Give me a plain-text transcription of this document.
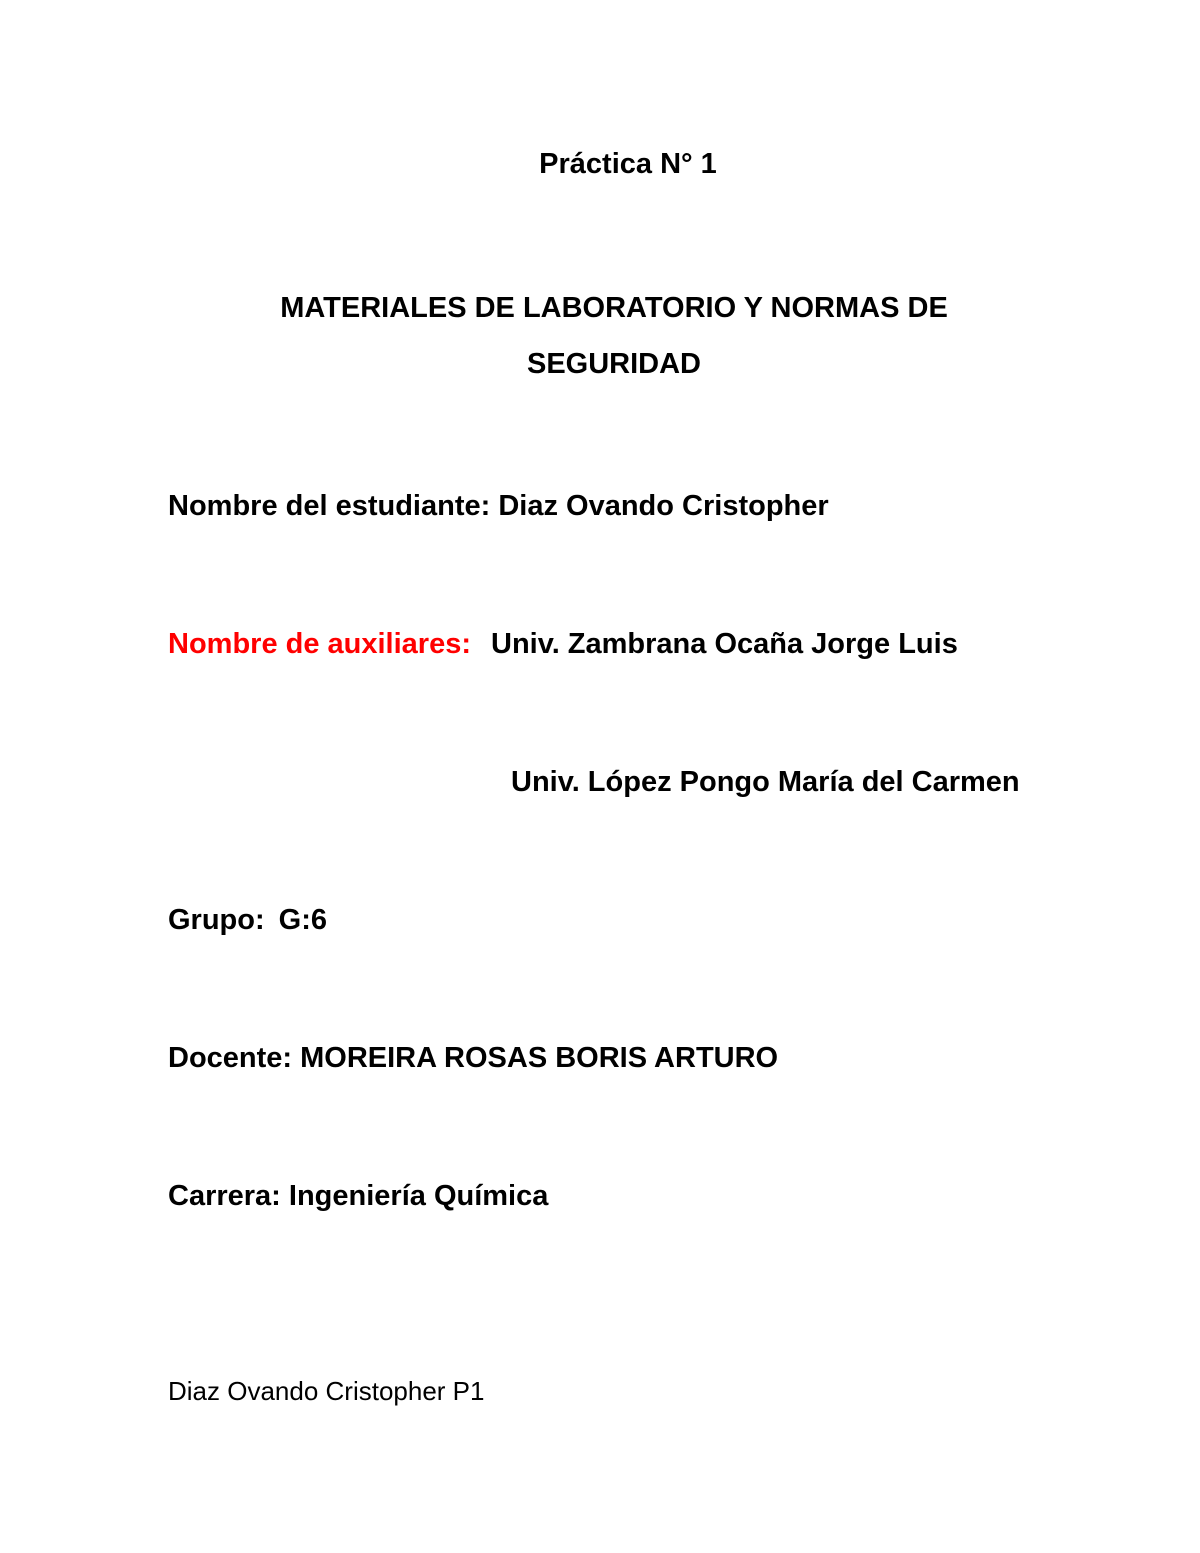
Práctica N° 1
MATERIALES DE LABORATORIO Y NORMAS DE
SEGURIDAD
Nombre del estudiante: Diaz Ovando Cristopher
Nombre de auxiliares: Univ. Zambrana Ocaña Jorge Luis
Univ. López Pongo María del Carmen
Grupo: G:6
Docente: MOREIRA ROSAS BORIS ARTURO
Carrera: Ingeniería Química
Diaz Ovando Cristopher P1
